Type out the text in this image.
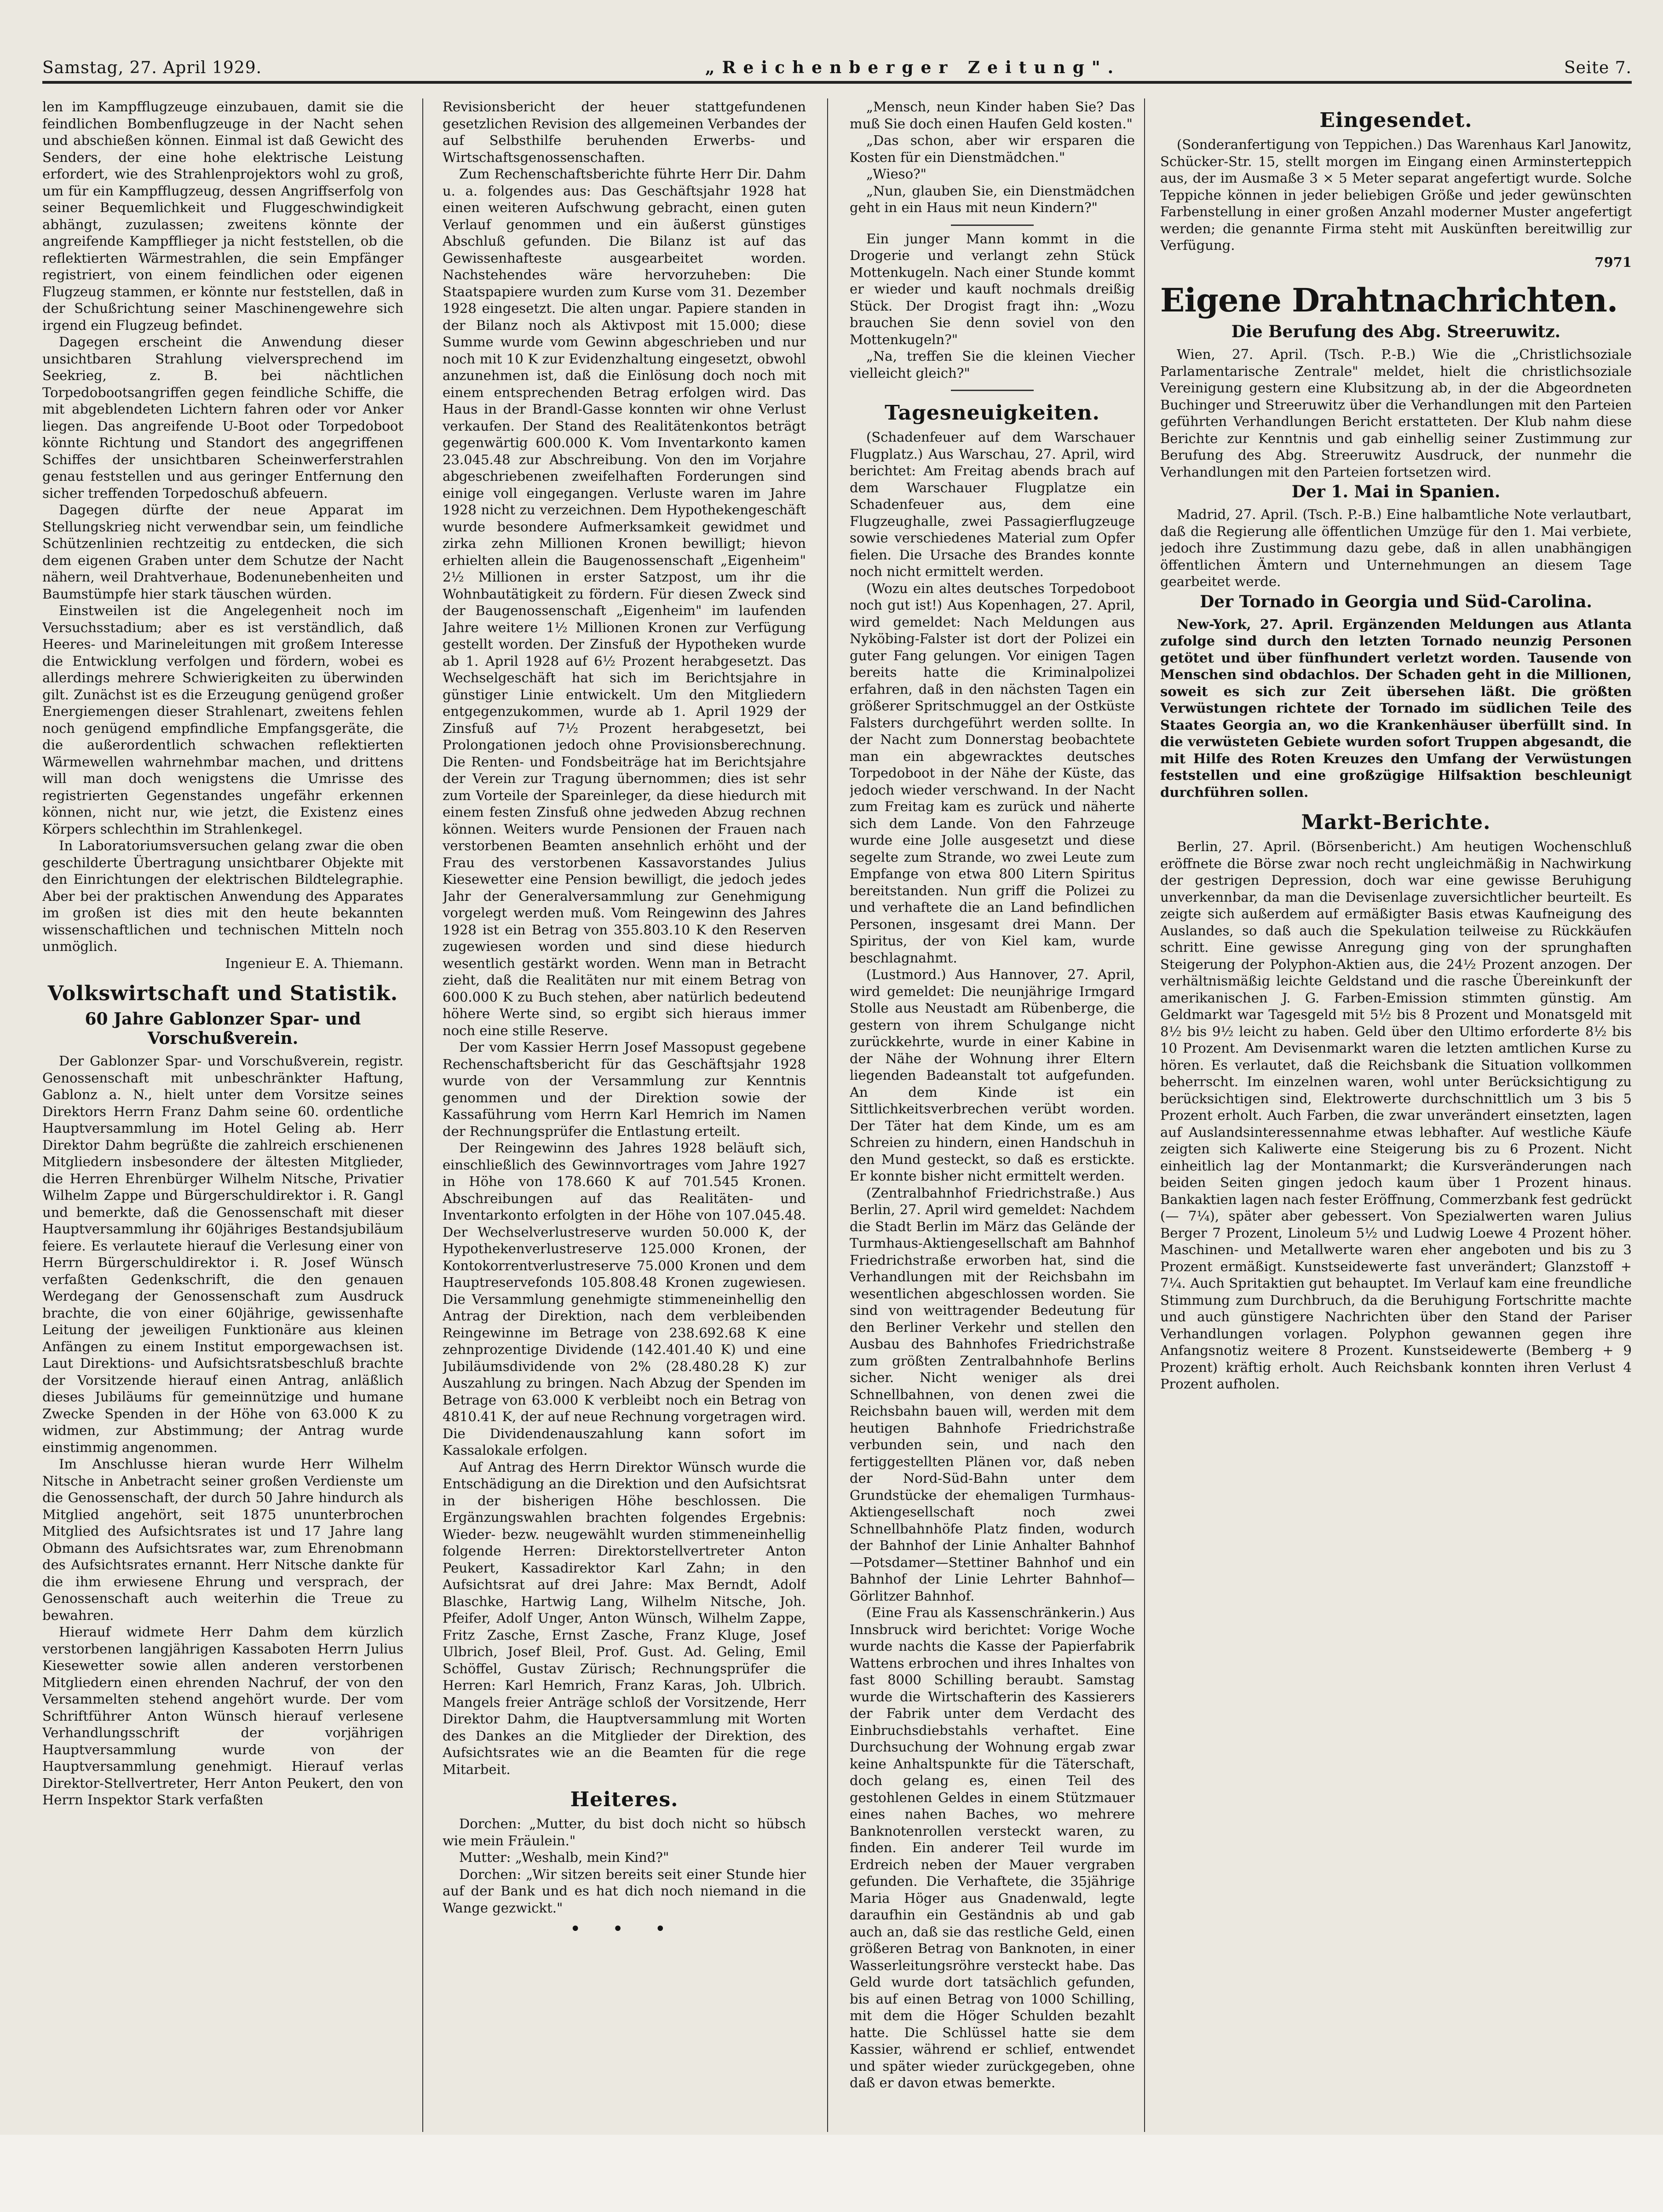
Samstag, 27. April 1929.	„Reichenberger Zeitung".	Seite 7.

len im Kampfflugzeuge einzubauen, damit sie die feindlichen Bombenflugzeuge in der Nacht sehen und abschießen können. Einmal ist daß Gewicht des Senders, der eine hohe elektrische Leistung erfordert, wie des Strahlenprojektors wohl zu groß, um für ein Kampfflugzeug, dessen Angriffserfolg von seiner Bequemlichkeit und Fluggeschwindigkeit abhängt, zuzulassen; zweitens könnte der angreifende Kampfflieger ja nicht feststellen, ob die reflektierten Wärmestrahlen, die sein Empfänger registriert, von einem feindlichen oder eigenen Flugzeug stammen, er könnte nur feststellen, daß in der Schußrichtung seiner Maschinengewehre sich irgend ein Flugzeug befindet.

Dagegen erscheint die Anwendung dieser unsichtbaren Strahlung vielversprechend im Seekrieg, z. B. bei nächtlichen Torpedobootsangriffen gegen feindliche Schiffe, die mit abgeblendeten Lichtern fahren oder vor Anker liegen. Das angreifende U-Boot oder Torpedoboot könnte Richtung und Standort des angegriffenen Schiffes der unsichtbaren Scheinwerferstrahlen genau feststellen und aus geringer Entfernung den sicher treffenden Torpedoschuß abfeuern.

Dagegen dürfte der neue Apparat im Stellungskrieg nicht verwendbar sein, um feindliche Schützenlinien rechtzeitig zu entdecken, die sich dem eigenen Graben unter dem Schutze der Nacht nähern, weil Drahtverhaue, Bodenunebenheiten und Baumstümpfe hier stark täuschen würden.

Einstweilen ist die Angelegenheit noch im Versuchsstadium; aber es ist verständlich, daß Heeres- und Marineleitungen mit großem Interesse die Entwicklung verfolgen und fördern, wobei es allerdings mehrere Schwierigkeiten zu überwinden gilt. Zunächst ist es die Erzeugung genügend großer Energiemengen dieser Strahlenart, zweitens fehlen noch genügend empfindliche Empfangsgeräte, die die außerordentlich schwachen reflektierten Wärmewellen wahrnehmbar machen, und drittens will man doch wenigstens die Umrisse des registrierten Gegenstandes ungefähr erkennen können, nicht nur, wie jetzt, die Existenz eines Körpers schlechthin im Strahlenkegel.

In Laboratoriumsversuchen gelang zwar die oben geschilderte Übertragung unsichtbarer Objekte mit den Einrichtungen der elektrischen Bildtelegraphie. Aber bei der praktischen Anwendung des Apparates im großen ist dies mit den heute bekannten wissenschaftlichen und technischen Mitteln noch unmöglich.

Ingenieur E. A. Thiemann.

Volkswirtschaft und Statistik.
60 Jahre Gablonzer Spar- und Vorschußverein.

Der Gablonzer Spar- und Vorschußverein, registr. Genossenschaft mit unbeschränkter Haftung, Gablonz a. N., hielt unter dem Vorsitze seines Direktors Herrn Franz Dahm seine 60. ordentliche Hauptversammlung im Hotel Geling ab. Herr Direktor Dahm begrüßte die zahlreich erschienenen Mitgliedern insbesondere der ältesten Mitglieder, die Herren Ehrenbürger Wilhelm Nitsche, Privatier Wilhelm Zappe und Bürgerschuldirektor i. R. Gangl und bemerkte, daß die Genossenschaft mit dieser Hauptversammlung ihr 60jähriges Bestandsjubiläum feiere. Es verlautete hierauf die Verlesung einer von Herrn Bürgerschuldirektor i. R. Josef Wünsch verfaßten Gedenkschrift, die den genauen Werdegang der Genossenschaft zum Ausdruck brachte, die von einer 60jährige, gewissenhafte Leitung der jeweiligen Funktionäre aus kleinen Anfängen zu einem Institut emporgewachsen ist. Laut Direktions- und Aufsichtsratsbeschluß brachte der Vorsitzende hierauf einen Antrag, anläßlich dieses Jubiläums für gemeinnützige und humane Zwecke Spenden in der Höhe von 63.000 K zu widmen, zur Abstimmung; der Antrag wurde einstimmig angenommen.

Im Anschlusse hieran wurde Herr Wilhelm Nitsche in Anbetracht seiner großen Verdienste um die Genossenschaft, der durch 50 Jahre hindurch als Mitglied angehört, seit 1875 ununterbrochen Mitglied des Aufsichtsrates ist und 17 Jahre lang Obmann des Aufsichtsrates war, zum Ehrenobmann des Aufsichtsrates ernannt. Herr Nitsche dankte für die ihm erwiesene Ehrung und versprach, der Genossenschaft auch weiterhin die Treue zu bewahren.

Hierauf widmete Herr Dahm dem kürzlich verstorbenen langjährigen Kassaboten Herrn Julius Kiesewetter sowie allen anderen verstorbenen Mitgliedern einen ehrenden Nachruf, der von den Versammelten stehend angehört wurde. Der vom Schriftführer Anton Wünsch hierauf verlesene Verhandlungsschrift der vorjährigen Hauptversammlung wurde von der Hauptversammlung genehmigt. Hierauf verlas Direktor-Stellvertreter, Herr Anton Peukert, den von Herrn Inspektor Stark verfaßten

Revisionsbericht der heuer stattgefundenen gesetzlichen Revision des allgemeinen Verbandes der auf Selbsthilfe beruhenden Erwerbs- und Wirtschaftsgenossenschaften.

Zum Rechenschaftsberichte führte Herr Dir. Dahm u. a. folgendes aus: Das Geschäftsjahr 1928 hat einen weiteren Aufschwung gebracht, einen guten Verlauf genommen und ein äußerst günstiges Abschluß gefunden. Die Bilanz ist auf das Gewissenhafteste ausgearbeitet worden. Nachstehendes wäre hervorzuheben: Die Staatspapiere wurden zum Kurse vom 31. Dezember 1928 eingesetzt. Die alten ungar. Papiere standen in der Bilanz noch als Aktivpost mit 15.000; diese Summe wurde vom Gewinn abgeschrieben und nur noch mit 10 K zur Evidenzhaltung eingesetzt, obwohl anzunehmen ist, daß die Einlösung doch noch mit einem entsprechenden Betrag erfolgen wird. Das Haus in der Brandl-Gasse konnten wir ohne Verlust verkaufen. Der Stand des Realitätenkontos beträgt gegenwärtig 600.000 K. Vom Inventarkonto kamen 23.045.48 zur Abschreibung. Von den im Vorjahre abgeschriebenen zweifelhaften Forderungen sind einige voll eingegangen. Verluste waren im Jahre 1928 nicht zu verzeichnen. Dem Hypothekengeschäft wurde besondere Aufmerksamkeit gewidmet und zirka zehn Millionen Kronen bewilligt; hievon erhielten allein die Baugenossenschaft „Eigenheim" 2½ Millionen in erster Satzpost, um ihr die Wohnbautätigkeit zu fördern. Für diesen Zweck sind der Baugenossenschaft „Eigenheim" im laufenden Jahre weitere 1½ Millionen Kronen zur Verfügung gestellt worden. Der Zinsfuß der Hypotheken wurde ab 1. April 1928 auf 6½ Prozent herabgesetzt. Das Wechselgeschäft hat sich im Berichtsjahre in günstiger Linie entwickelt. Um den Mitgliedern entgegenzukommen, wurde ab 1. April 1929 der Zinsfuß auf 7½ Prozent herabgesetzt, bei Prolongationen jedoch ohne Provisionsberechnung. Die Renten- und Fondsbeiträge hat im Berichtsjahre der Verein zur Tragung übernommen; dies ist sehr zum Vorteile der Spareinleger, da diese hiedurch mit einem festen Zinsfuß ohne jedweden Abzug rechnen können. Weiters wurde Pensionen der Frauen nach verstorbenen Beamten ansehnlich erhöht und der Frau des verstorbenen Kassavorstandes Julius Kiesewetter eine Pension bewilligt, die jedoch jedes Jahr der Generalversammlung zur Genehmigung vorgelegt werden muß. Vom Reingewinn des Jahres 1928 ist ein Betrag von 355.803.10 K den Reserven zugewiesen worden und sind diese hiedurch wesentlich gestärkt worden. Wenn man in Betracht zieht, daß die Realitäten nur mit einem Betrag von 600.000 K zu Buch stehen, aber natürlich bedeutend höhere Werte sind, so ergibt sich hieraus immer noch eine stille Reserve.

Der vom Kassier Herrn Josef Massopust gegebene Rechenschaftsbericht für das Geschäftsjahr 1928 wurde von der Versammlung zur Kenntnis genommen und der Direktion sowie der Kassaführung vom Herrn Karl Hemrich im Namen der Rechnungsprüfer die Entlastung erteilt.

Der Reingewinn des Jahres 1928 beläuft sich, einschließlich des Gewinnvortrages vom Jahre 1927 in Höhe von 178.660 K auf 701.545 Kronen. Abschreibungen auf das Realitäten- und Inventarkonto erfolgten in der Höhe von 107.045.48. Der Wechselverlustreserve wurden 50.000 K, der Hypothekenverlustreserve 125.000 Kronen, der Kontokorrentverlustreserve 75.000 Kronen und dem Hauptreservefonds 105.808.48 Kronen zugewiesen. Die Versammlung genehmigte stimmeneinhellig den Antrag der Direktion, nach dem verbleibenden Reingewinne im Betrage von 238.692.68 K eine zehnprozentige Dividende (142.401.40 K) und eine Jubiläumsdividende von 2% (28.480.28 K) zur Auszahlung zu bringen. Nach Abzug der Spenden im Betrage von 63.000 K verbleibt noch ein Betrag von 4810.41 K, der auf neue Rechnung vorgetragen wird. Die Dividendenauszahlung kann sofort im Kassalokale erfolgen.

Auf Antrag des Herrn Direktor Wünsch wurde die Entschädigung an die Direktion und den Aufsichtsrat in der bisherigen Höhe beschlossen. Die Ergänzungswahlen brachten folgendes Ergebnis: Wieder- bezw. neugewählt wurden stimmeneinhellig folgende Herren: Direktorstellvertreter Anton Peukert, Kassadirektor Karl Zahn; in den Aufsichtsrat auf drei Jahre: Max Berndt, Adolf Blaschke, Hartwig Lang, Wilhelm Nitsche, Joh. Pfeifer, Adolf Unger, Anton Wünsch, Wilhelm Zappe, Fritz Zasche, Ernst Zasche, Franz Kluge, Josef Ulbrich, Josef Bleil, Prof. Gust. Ad. Geling, Emil Schöffel, Gustav Zürisch; Rechnungsprüfer die Herren: Karl Hemrich, Franz Karas, Joh. Ulbrich. Mangels freier Anträge schloß der Vorsitzende, Herr Direktor Dahm, die Hauptversammlung mit Worten des Dankes an die Mitglieder der Direktion, des Aufsichtsrates wie an die Beamten für die rege Mitarbeit.

Heiteres.

Dorchen: „Mutter, du bist doch nicht so hübsch wie mein Fräulein."

Mutter: „Weshalb, mein Kind?"

Dorchen: „Wir sitzen bereits seit einer Stunde hier auf der Bank und es hat dich noch niemand in die Wange gezwickt."

• • •

„Mensch, neun Kinder haben Sie? Das muß Sie doch einen Haufen Geld kosten."

„Das schon, aber wir ersparen die Kosten für ein Dienstmädchen."

„Wieso?"

„Nun, glauben Sie, ein Dienstmädchen geht in ein Haus mit neun Kindern?"

Ein junger Mann kommt in die Drogerie und verlangt zehn Stück Mottenkugeln. Nach einer Stunde kommt er wieder und kauft nochmals dreißig Stück. Der Drogist fragt ihn: „Wozu brauchen Sie denn soviel von den Mottenkugeln?"

„Na, treffen Sie die kleinen Viecher vielleicht gleich?"

Tagesneuigkeiten.

(Schadenfeuer auf dem Warschauer Flugplatz.) Aus Warschau, 27. April, wird berichtet: Am Freitag abends brach auf dem Warschauer Flugplatze ein Schadenfeuer aus, dem eine Flugzeughalle, zwei Passagierflugzeuge sowie verschiedenes Material zum Opfer fielen. Die Ursache des Brandes konnte noch nicht ermittelt werden.

(Wozu ein altes deutsches Torpedoboot noch gut ist!) Aus Kopenhagen, 27. April, wird gemeldet: Nach Meldungen aus Nyköbing-Falster ist dort der Polizei ein guter Fang gelungen. Vor einigen Tagen bereits hatte die Kriminalpolizei erfahren, daß in den nächsten Tagen ein größerer Spritschmuggel an der Ostküste Falsters durchgeführt werden sollte. In der Nacht zum Donnerstag beobachtete man ein abgewracktes deutsches Torpedoboot in der Nähe der Küste, das jedoch wieder verschwand. In der Nacht zum Freitag kam es zurück und näherte sich dem Lande. Von den Fahrzeuge wurde eine Jolle ausgesetzt und diese segelte zum Strande, wo zwei Leute zum Empfange von etwa 800 Litern Spiritus bereitstanden. Nun griff die Polizei zu und verhaftete die an Land befindlichen Personen, insgesamt drei Mann. Der Spiritus, der von Kiel kam, wurde beschlagnahmt.

(Lustmord.) Aus Hannover, 27. April, wird gemeldet: Die neunjährige Irmgard Stolle aus Neustadt am Rübenberge, die gestern von ihrem Schulgange nicht zurückkehrte, wurde in einer Kabine in der Nähe der Wohnung ihrer Eltern liegenden Badeanstalt tot aufgefunden. An dem Kinde ist ein Sittlichkeitsverbrechen verübt worden. Der Täter hat dem Kinde, um es am Schreien zu hindern, einen Handschuh in den Mund gesteckt, so daß es erstickte. Er konnte bisher nicht ermittelt werden.

(Zentralbahnhof Friedrichstraße.) Aus Berlin, 27. April wird gemeldet: Nachdem die Stadt Berlin im März das Gelände der Turmhaus-Aktiengesellschaft am Bahnhof Friedrichstraße erworben hat, sind die Verhandlungen mit der Reichsbahn im wesentlichen abgeschlossen worden. Sie sind von weittragender Bedeutung für den Berliner Verkehr und stellen den Ausbau des Bahnhofes Friedrichstraße zum größten Zentralbahnhofe Berlins sicher. Nicht weniger als drei Schnellbahnen, von denen zwei die Reichsbahn bauen will, werden mit dem heutigen Bahnhofe Friedrichstraße verbunden sein, und nach den fertiggestellten Plänen vor, daß neben der Nord-Süd-Bahn unter dem Grundstücke der ehemaligen Turmhaus-Aktiengesellschaft noch zwei Schnellbahnhöfe Platz finden, wodurch der Bahnhof der Linie Anhalter Bahnhof—Potsdamer—Stettiner Bahnhof und ein Bahnhof der Linie Lehrter Bahnhof—Görlitzer Bahnhof.

(Eine Frau als Kassenschränkerin.) Aus Innsbruck wird berichtet: Vorige Woche wurde nachts die Kasse der Papierfabrik Wattens erbrochen und ihres Inhaltes von fast 8000 Schilling beraubt. Samstag wurde die Wirtschafterin des Kassierers der Fabrik unter dem Verdacht des Einbruchsdiebstahls verhaftet. Eine Durchsuchung der Wohnung ergab zwar keine Anhaltspunkte für die Täterschaft, doch gelang es, einen Teil des gestohlenen Geldes in einem Stützmauer eines nahen Baches, wo mehrere Banknotenrollen versteckt waren, zu finden. Ein anderer Teil wurde im Erdreich neben der Mauer vergraben gefunden. Die Verhaftete, die 35jährige Maria Höger aus Gnadenwald, legte daraufhin ein Geständnis ab und gab auch an, daß sie das restliche Geld, einen größeren Betrag von Banknoten, in einer Wasserleitungsröhre versteckt habe. Das Geld wurde dort tatsächlich gefunden, bis auf einen Betrag von 1000 Schilling, mit dem die Höger Schulden bezahlt hatte. Die Schlüssel hatte sie dem Kassier, während er schlief, entwendet und später wieder zurückgegeben, ohne daß er davon etwas bemerkte.

Eingesendet.

(Sonderanfertigung von Teppichen.) Das Warenhaus Karl Janowitz, Schücker-Str. 15, stellt morgen im Eingang einen Arminsterteppich aus, der im Ausmaße 3 × 5 Meter separat angefertigt wurde. Solche Teppiche können in jeder beliebigen Größe und jeder gewünschten Farbenstellung in einer großen Anzahl moderner Muster angefertigt werden; die genannte Firma steht mit Auskünften bereitwillig zur Verfügung.

7971
Eigene Drahtnachrichten.
Die Berufung des Abg. Streeruwitz.

Wien, 27. April. (Tsch. P.-B.) Wie die „Christlichsoziale Parlamentarische Zentrale" meldet, hielt die christlichsoziale Vereinigung gestern eine Klubsitzung ab, in der die Abgeordneten Buchinger und Streeruwitz über die Verhandlungen mit den Parteien geführten Verhandlungen Bericht erstatteten. Der Klub nahm diese Berichte zur Kenntnis und gab einhellig seiner Zustimmung zur Berufung des Abg. Streeruwitz Ausdruck, der nunmehr die Verhandlungen mit den Parteien fortsetzen wird.

Der 1. Mai in Spanien.

Madrid, 27. April. (Tsch. P.-B.) Eine halbamtliche Note verlautbart, daß die Regierung alle öffentlichen Umzüge für den 1. Mai verbiete, jedoch ihre Zustimmung dazu gebe, daß in allen unabhängigen öffentlichen Ämtern und Unternehmungen an diesem Tage gearbeitet werde.

Der Tornado in Georgia und Süd-Carolina.

New-York, 27. April. Ergänzenden Meldungen aus Atlanta zufolge sind durch den letzten Tornado neunzig Personen getötet und über fünfhundert verletzt worden. Tausende von Menschen sind obdachlos. Der Schaden geht in die Millionen, soweit es sich zur Zeit übersehen läßt. Die größten Verwüstungen richtete der Tornado im südlichen Teile des Staates Georgia an, wo die Krankenhäuser überfüllt sind. In die verwüsteten Gebiete wurden sofort Truppen abgesandt, die mit Hilfe des Roten Kreuzes den Umfang der Verwüstungen feststellen und eine großzügige Hilfsaktion beschleunigt durchführen sollen.

Markt-Berichte.

Berlin, 27. April. (Börsenbericht.) Am heutigen Wochenschluß eröffnete die Börse zwar noch recht ungleichmäßig in Nachwirkung der gestrigen Depression, doch war eine gewisse Beruhigung unverkennbar, da man die Devisenlage zuversichtlicher beurteilt. Es zeigte sich außerdem auf ermäßigter Basis etwas Kaufneigung des Auslandes, so daß auch die Spekulation teilweise zu Rückkäufen schritt. Eine gewisse Anregung ging von der sprunghaften Steigerung der Polyphon-Aktien aus, die 24½ Prozent anzogen. Der verhältnismäßig leichte Geldstand und die rasche Übereinkunft der amerikanischen J. G. Farben-Emission stimmten günstig. Am Geldmarkt war Tagesgeld mit 5½ bis 8 Prozent und Monatsgeld mit 8½ bis 9½ leicht zu haben. Geld über den Ultimo erforderte 8½ bis 10 Prozent. Am Devisenmarkt waren die letzten amtlichen Kurse zu hören. Es verlautet, daß die Reichsbank die Situation vollkommen beherrscht. Im einzelnen waren, wohl unter Berücksichtigung zu berücksichtigen sind, Elektrowerte durchschnittlich um 3 bis 5 Prozent erholt. Auch Farben, die zwar unverändert einsetzten, lagen auf Auslandsinteressennahme etwas lebhafter. Auf westliche Käufe zeigten sich Kaliwerte eine Steigerung bis zu 6 Prozent. Nicht einheitlich lag der Montanmarkt; die Kursveränderungen nach beiden Seiten gingen jedoch kaum über 1 Prozent hinaus. Bankaktien lagen nach fester Eröffnung, Commerzbank fest gedrückt (— 7¼), später aber gebessert. Von Spezialwerten waren Julius Berger 7 Prozent, Linoleum 5½ und Ludwig Loewe 4 Prozent höher. Maschinen- und Metallwerte waren eher angeboten und bis zu 3 Prozent ermäßigt. Kunstseidewerte fast unverändert; Glanzstoff + 7¼. Auch Spritaktien gut behauptet. Im Verlauf kam eine freundliche Stimmung zum Durchbruch, da die Beruhigung Fortschritte machte und auch günstigere Nachrichten über den Stand der Pariser Verhandlungen vorlagen. Polyphon gewannen gegen ihre Anfangsnotiz weitere 8 Prozent. Kunstseidewerte (Bemberg + 9 Prozent) kräftig erholt. Auch Reichsbank konnten ihren Verlust 4 Prozent aufholen.
